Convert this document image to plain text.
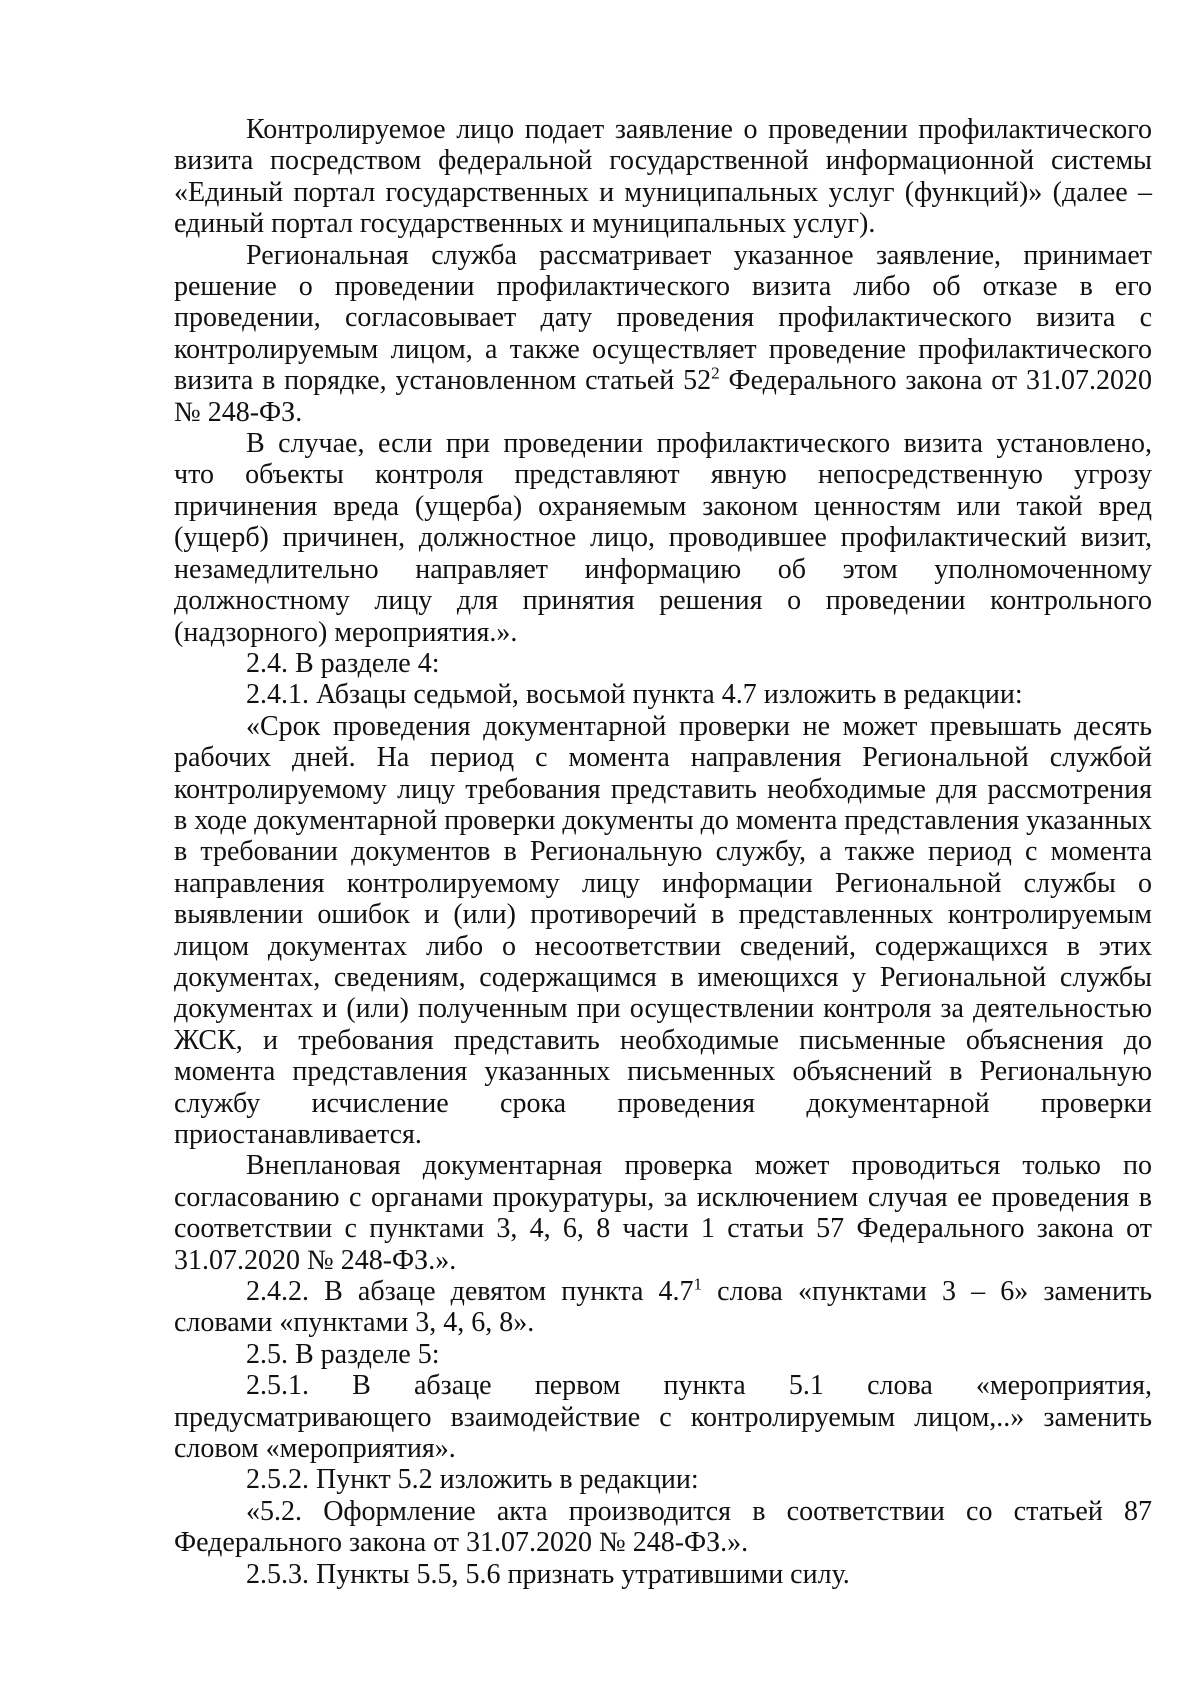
Контролируемое лицо подает заявление о проведении профилактического визита посредством федеральной государственной информационной системы «Единый портал государственных и муниципальных услуг (функций)» (далее – единый портал государственных и муниципальных услуг).

Региональная служба рассматривает указанное заявление, принимает решение о проведении профилактического визита либо об отказе в его проведении, согласовывает дату проведения профилактического визита с контролируемым лицом, а также осуществляет проведение профилактического визита в порядке, установленном статьей $52^2$ Федерального закона от 31.07.2020 № 248-ФЗ.

В случае, если при проведении профилактического визита установлено, что объекты контроля представляют явную непосредственную угрозу причинения вреда (ущерба) охраняемым законом ценностям или такой вред (ущерб) причинен, должностное лицо, проводившее профилактический визит, незамедлительно направляет информацию об этом уполномоченному должностному лицу для принятия решения о проведении контрольного (надзорного) мероприятия.».

2.4. В разделе 4:

2.4.1. Абзацы седьмой, восьмой пункта 4.7 изложить в редакции:

«Срок проведения документарной проверки не может превышать десять рабочих дней. На период с момента направления Региональной службой контролируемому лицу требования представить необходимые для рассмотрения в ходе документарной проверки документы до момента представления указанных в требовании документов в Региональную службу, а также период с момента направления контролируемому лицу информации Региональной службы о выявлении ошибок и (или) противоречий в представленных контролируемым лицом документах либо о несоответствии сведений, содержащихся в этих документах, сведениям, содержащимся в имеющихся у Региональной службы документах и (или) полученным при осуществлении контроля за деятельностью ЖСК, и требования представить необходимые письменные объяснения до момента представления указанных письменных объяснений в Региональную службу исчисление срока проведения документарной проверки приостанавливается.

Внеплановая документарная проверка может проводиться только по согласованию с органами прокуратуры, за исключением случая ее проведения в соответствии с пунктами 3, 4, 6, 8 части 1 статьи 57 Федерального закона от 31.07.2020 № 248-ФЗ.».

2.4.2. В абзаце девятом пункта $4.7^1$ слова «пунктами 3 – 6» заменить словами «пунктами 3, 4, 6, 8».

2.5. В разделе 5:

2.5.1. В абзаце первом пункта 5.1 слова «мероприятия, предусматривающего взаимодействие с контролируемым лицом,..» заменить словом «мероприятия».

2.5.2. Пункт 5.2 изложить в редакции:

«5.2. Оформление акта производится в соответствии со статьей 87 Федерального закона от 31.07.2020 № 248-ФЗ.».

2.5.3. Пункты 5.5, 5.6 признать утратившими силу.
